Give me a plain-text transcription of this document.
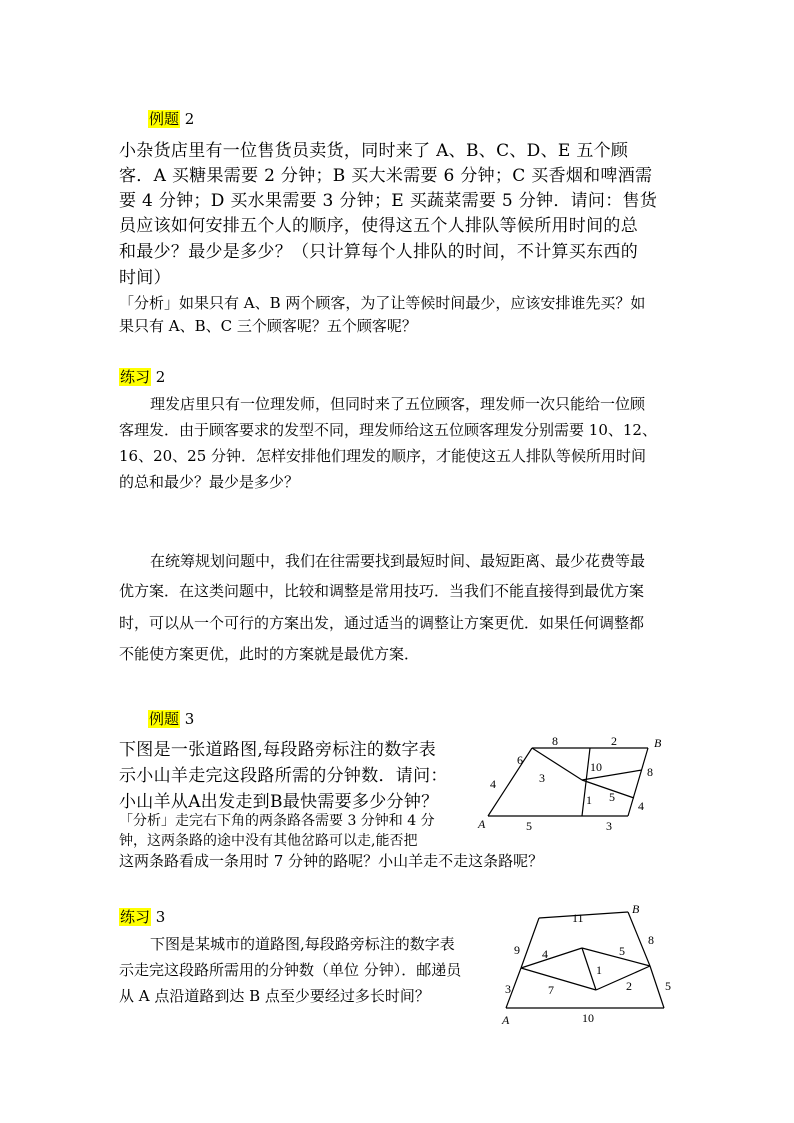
例题 2
小杂货店里有一位售货员卖货，同时来了 A、B、C、D、E 五个顾
客．A 买糖果需要 2 分钟；B 买大米需要 6 分钟；C 买香烟和啤酒需
要 4 分钟；D 买水果需要 3 分钟；E 买蔬菜需要 5 分钟．请问：售货
员应该如何安排五个人的顺序，使得这五个人排队等候所用时间的总
和最少？最少是多少？（只计算每个人排队的时间，不计算买东西的
时间）
「分析」如果只有 A、B 两个顾客，为了让等候时间最少，应该安排谁先买？如
果只有 A、B、C 三个顾客呢？五个顾客呢？
练习 2
理发店里只有一位理发师，但同时来了五位顾客，理发师一次只能给一位顾
客理发．由于顾客要求的发型不同，理发师给这五位顾客理发分别需要 10、12、
16、20、25 分钟．怎样安排他们理发的顺序，才能使这五人排队等候所用时间
的总和最少？最少是多少？
在统筹规划问题中，我们在往需要找到最短时间、最短距离、最少花费等最
优方案．在这类问题中，比较和调整是常用技巧．当我们不能直接得到最优方案
时，可以从一个可行的方案出发，通过适当的调整让方案更优．如果任何调整都
不能使方案更优，此时的方案就是最优方案．
例题 3
下图是一张道路图,每段路旁标注的数字表
示小山羊走完这段路所需的分钟数．请问：
小山羊从A出发走到B最快需要多少分钟？
「分析」走完右下角的两条路各需要 3 分钟和 4 分
钟，这两条路的途中没有其他岔路可以走,能否把
这两条路看成一条用时 7 分钟的路呢？小山羊走不走这条路呢？
A
B
8	2
6
4	3
10	8
1 5
4
5	3
练习 3
下图是某城市的道路图,每段路旁标注的数字表
示走完这段路所需用的分钟数（单位 分钟）．邮递员
从 A 点沿道路到达 B 点至少要经过多长时间？
A
B
11
9
8
4	5
1
3	7	2	5
10
